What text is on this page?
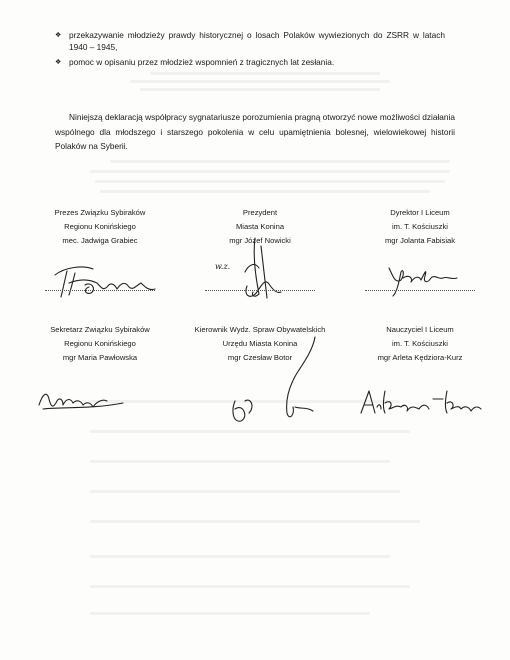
❖ przekazywanie młodzieży prawdy historycznej o losach Polaków wywiezionych do ZSRR w latach 1940 – 1945,
❖ pomoc w opisaniu przez młodzież wspomnień z tragicznych lat zesłania.

Niniejszą deklaracją współpracy sygnatariusze porozumienia pragną otworzyć nowe możliwości działania wspólnego dla młodszego i starszego pokolenia w celu upamiętnienia bolesnej, wielowiekowej historii Polaków na Syberii.

Prezes Związku Sybiraków
Regionu Konińskiego
mec. Jadwiga Grabiec
Prezydent
Miasta Konina
mgr Józef Nowicki
w.z.
Dyrektor I Liceum
im. T. Kościuszki
mgr Jolanta Fabisiak
Sekretarz Związku Sybiraków
Regionu Konińskiego
mgr Maria Pawłowska
Kierownik Wydz. Spraw Obywatelskich
Urzędu Miasta Konina
mgr Czesław Botor
Nauczyciel I Liceum
im. T. Kościuszki
mgr Arleta Kędziora-Kurz
